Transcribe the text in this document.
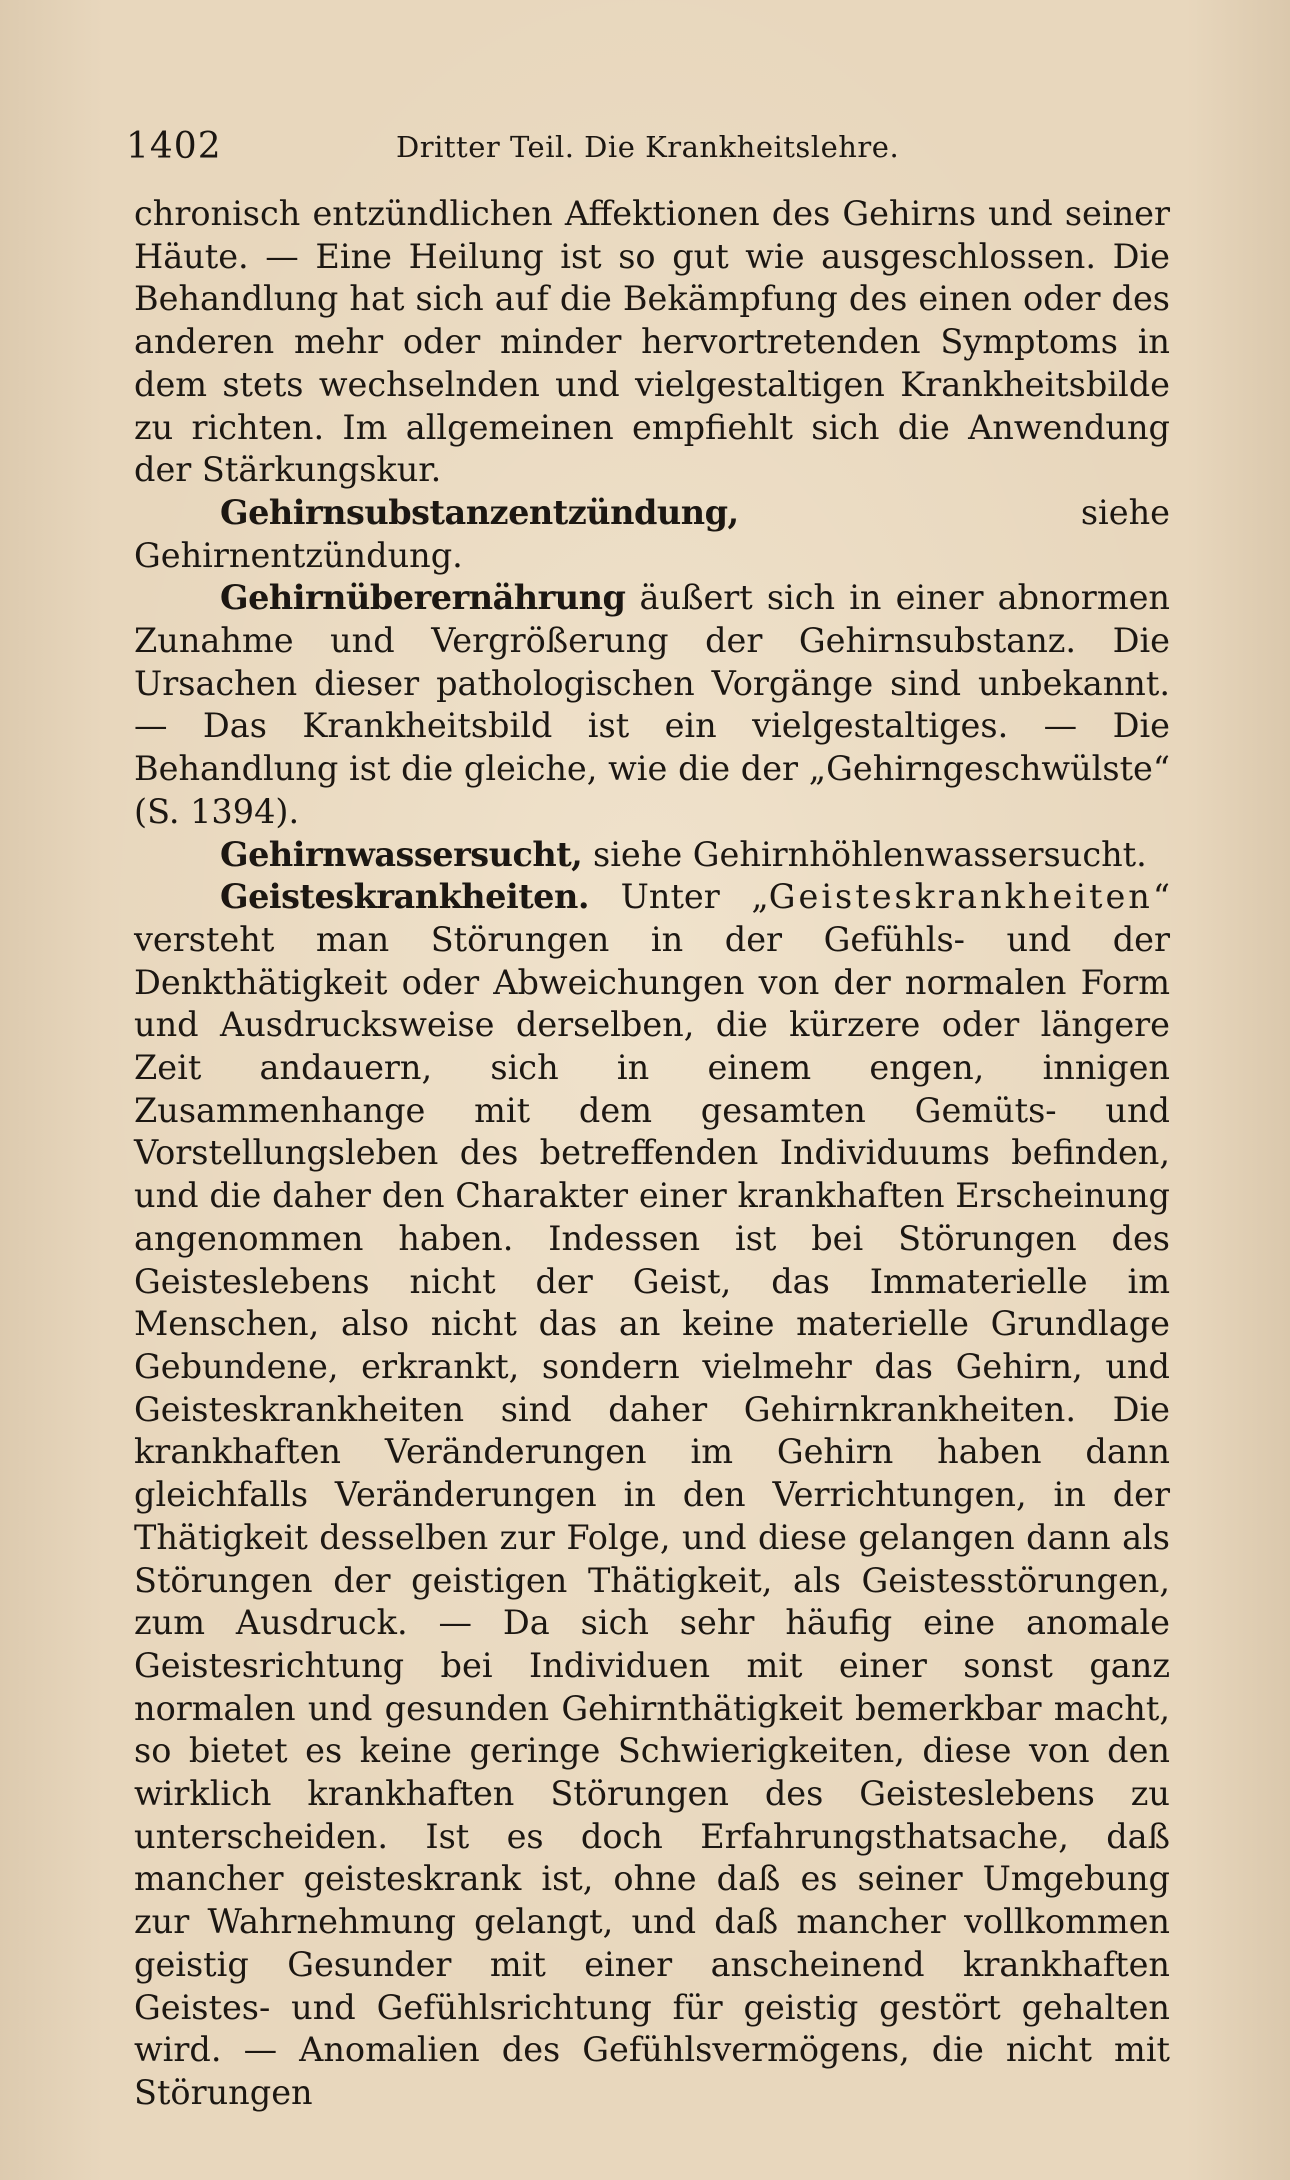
1402	Dritter Teil. Die Krankheitslehre.

chronisch entzündlichen Affektionen des Gehirns und seiner Häute. — Eine Heilung ist so gut wie ausgeschlossen. Die Behandlung hat sich auf die Bekämpfung des einen oder des anderen mehr oder minder hervortretenden Symptoms in dem stets wechselnden und vielgestaltigen Krankheitsbilde zu richten. Im allgemeinen empfiehlt sich die Anwendung der Stärkungskur.

Gehirnsubstanzentzündung, siehe Gehirnentzündung.

Gehirnüberernährung äußert sich in einer abnormen Zunahme und Vergrößerung der Gehirnsubstanz. Die Ursachen dieser pathologischen Vorgänge sind unbekannt. — Das Krankheitsbild ist ein vielgestaltiges. — Die Behandlung ist die gleiche, wie die der „Gehirngeschwülste“ (S. 1394).

Gehirnwassersucht, siehe Gehirnhöhlenwassersucht.

Geisteskrankheiten. Unter „Geisteskrankheiten“ versteht man Störungen in der Gefühls- und der Denkthätigkeit oder Abweichungen von der normalen Form und Ausdrucksweise derselben, die kürzere oder längere Zeit andauern, sich in einem engen, innigen Zusammenhange mit dem gesamten Gemüts- und Vorstellungsleben des betreffenden Individuums befinden, und die daher den Charakter einer krankhaften Erscheinung angenommen haben. Indessen ist bei Störungen des Geisteslebens nicht der Geist, das Immaterielle im Menschen, also nicht das an keine materielle Grundlage Gebundene, erkrankt, sondern vielmehr das Gehirn, und Geisteskrankheiten sind daher Gehirnkrankheiten. Die krankhaften Veränderungen im Gehirn haben dann gleichfalls Veränderungen in den Verrichtungen, in der Thätigkeit desselben zur Folge, und diese gelangen dann als Störungen der geistigen Thätigkeit, als Geistesstörungen, zum Ausdruck. — Da sich sehr häufig eine anomale Geistesrichtung bei Individuen mit einer sonst ganz normalen und gesunden Gehirnthätigkeit bemerkbar macht, so bietet es keine geringe Schwierigkeiten, diese von den wirklich krankhaften Störungen des Geisteslebens zu unterscheiden. Ist es doch Erfahrungsthatsache, daß mancher geisteskrank ist, ohne daß es seiner Umgebung zur Wahrnehmung gelangt, und daß mancher vollkommen geistig Gesunder mit einer anscheinend krankhaften Geistes- und Gefühlsrichtung für geistig gestört gehalten wird. — Anomalien des Gefühlsvermögens, die nicht mit Störungen
